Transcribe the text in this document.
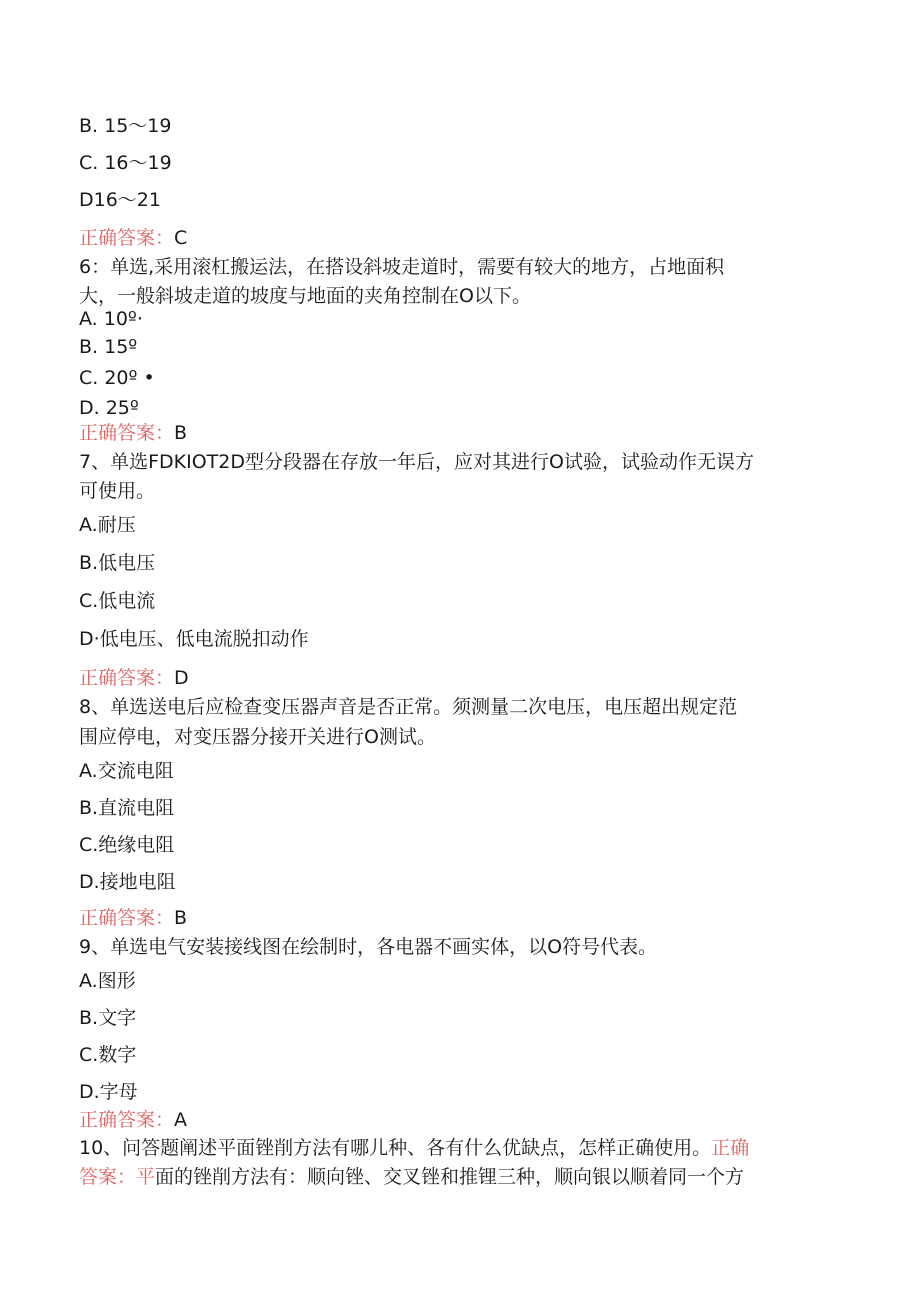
B. 15～19
C. 16～19
D16～21
正确答案：C
6：单选,采用滚杠搬运法，在搭设斜坡走道时，需要有较大的地方，占地面积
大，一般斜坡走道的坡度与地面的夹角控制在O以下。
A. 10º·
B. 15º
C. 20º •
D. 25º
正确答案：B
7、单选FDKIOT2D型分段器在存放一年后，应对其进行O试验，试验动作无误方
可使用。
A.耐压
B.低电压
C.低电流
D·低电压、低电流脱扣动作
正确答案：D
8、单选送电后应检查变压器声音是否正常。须测量二次电压，电压超出规定范
围应停电，对变压器分接开关进行O测试。
A.交流电阻
B.直流电阻
C.绝缘电阻
D.接地电阻
正确答案：B
9、单选电气安装接线图在绘制时，各电器不画实体，以O符号代表。
A.图形
B.文字
C.数字
D.字母
正确答案：A
10、问答题阐述平面锉削方法有哪儿种、各有什么优缺点，怎样正确使用。正确
答案：平面的锉削方法有：顺向锉、交叉锉和推锂三种，顺向银以顺着同一个方
